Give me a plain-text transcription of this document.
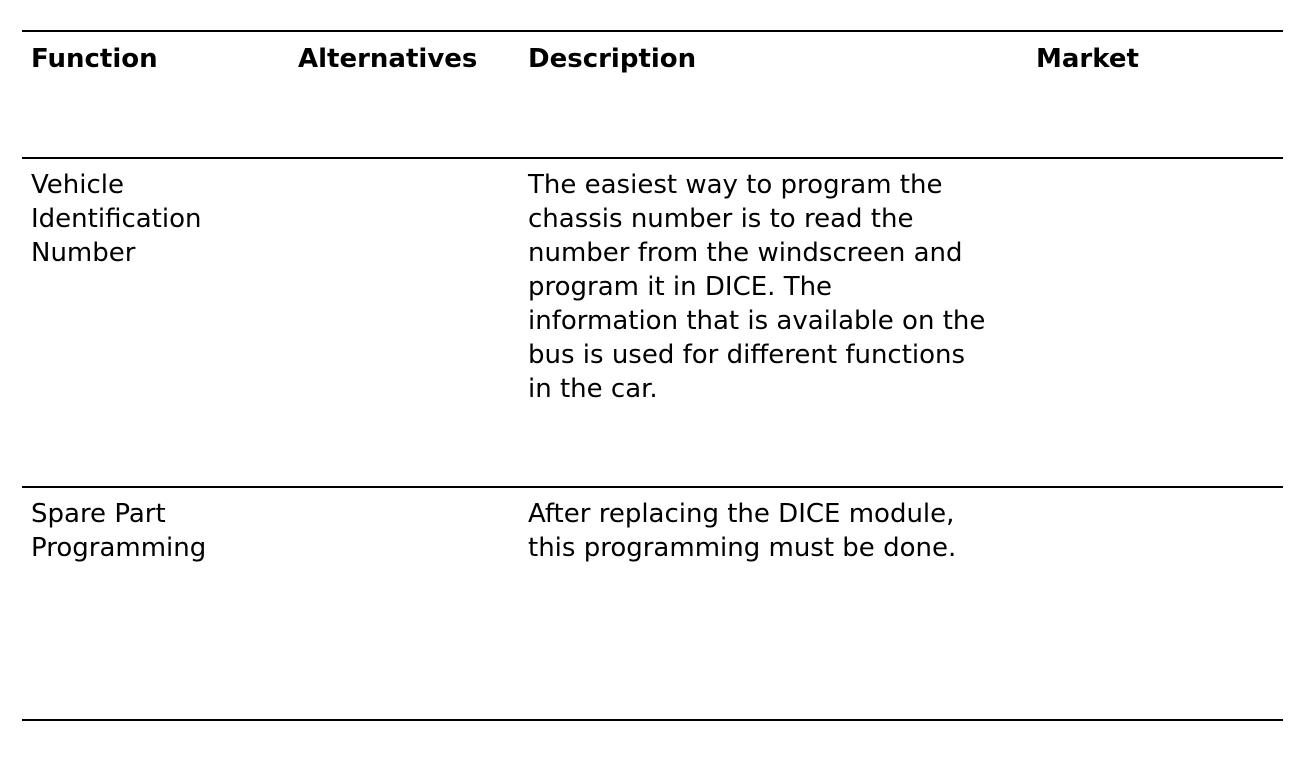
Function	Alternatives Description	Market
Vehicle
Identification
Number
The easiest way to program the
chassis number is to read the
number from the windscreen and
program it in DICE. The
information that is available on the
bus is used for different functions
in the car.
Spare Part
Programming
After replacing the DICE module,
this programming must be done.
